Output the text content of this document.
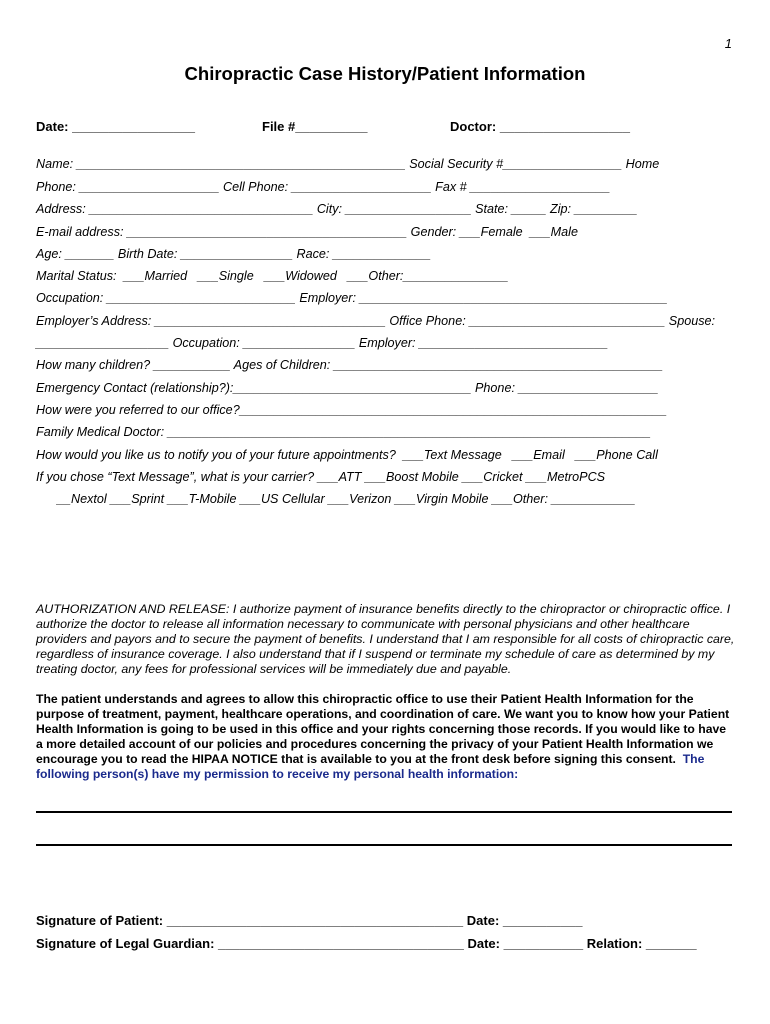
1
Chiropractic Case History/Patient Information
Date: _________________	File #__________	Doctor: __________________
Name: _______________________________________________ Social Security #_________________ Home
Phone: ____________________ Cell Phone: ____________________ Fax # ____________________
Address: ________________________________ City: __________________ State: _____ Zip: _________
E-mail address: ________________________________________ Gender: ___Female  ___Male
Age: _______ Birth Date: ________________ Race: ______________
Marital Status:  ___Married   ___Single   ___Widowed   ___Other:_______________
Occupation: ___________________________ Employer: ____________________________________________
Employer’s Address: _________________________________ Office Phone: ____________________________ Spouse:
___________________ Occupation: ________________ Employer: ___________________________
How many children? ___________ Ages of Children: _______________________________________________
Emergency Contact (relationship?):__________________________________ Phone: ____________________
How were you referred to our office?_____________________________________________________________
Family Medical Doctor: _____________________________________________________________________
How would you like us to notify you of your future appointments?  ___Text Message   ___Email   ___Phone Call
If you chose “Text Message”, what is your carrier? ___ATT ___Boost Mobile ___Cricket ___MetroPCS
__Nextol ___Sprint ___T-Mobile ___US Cellular ___Verizon ___Virgin Mobile ___Other: ____________
AUTHORIZATION AND RELEASE: I authorize payment of insurance benefits directly to the chiropractor or chiropractic office. I authorize the doctor to release all information necessary to communicate with personal physicians and other healthcare providers and payors and to secure the payment of benefits. I understand that I am responsible for all costs of chiropractic care, regardless of insurance coverage. I also understand that if I suspend or terminate my schedule of care as determined by my treating doctor, any fees for professional services will be immediately due and payable.
The patient understands and agrees to allow this chiropractic office to use their Patient Health Information for the purpose of treatment, payment, healthcare operations, and coordination of care. We want you to know how your Patient Health Information is going to be used in this office and your rights concerning those records. If you would like to have a more detailed account of our policies and procedures concerning the privacy of your Patient Health Information we encourage you to read the HIPAA NOTICE that is available to you at the front desk before signing this consent. The following person(s) have my permission to receive my personal health information:
Signature of Patient: _________________________________________ Date: ___________
Signature of Legal Guardian: __________________________________ Date: ___________ Relation: _______
